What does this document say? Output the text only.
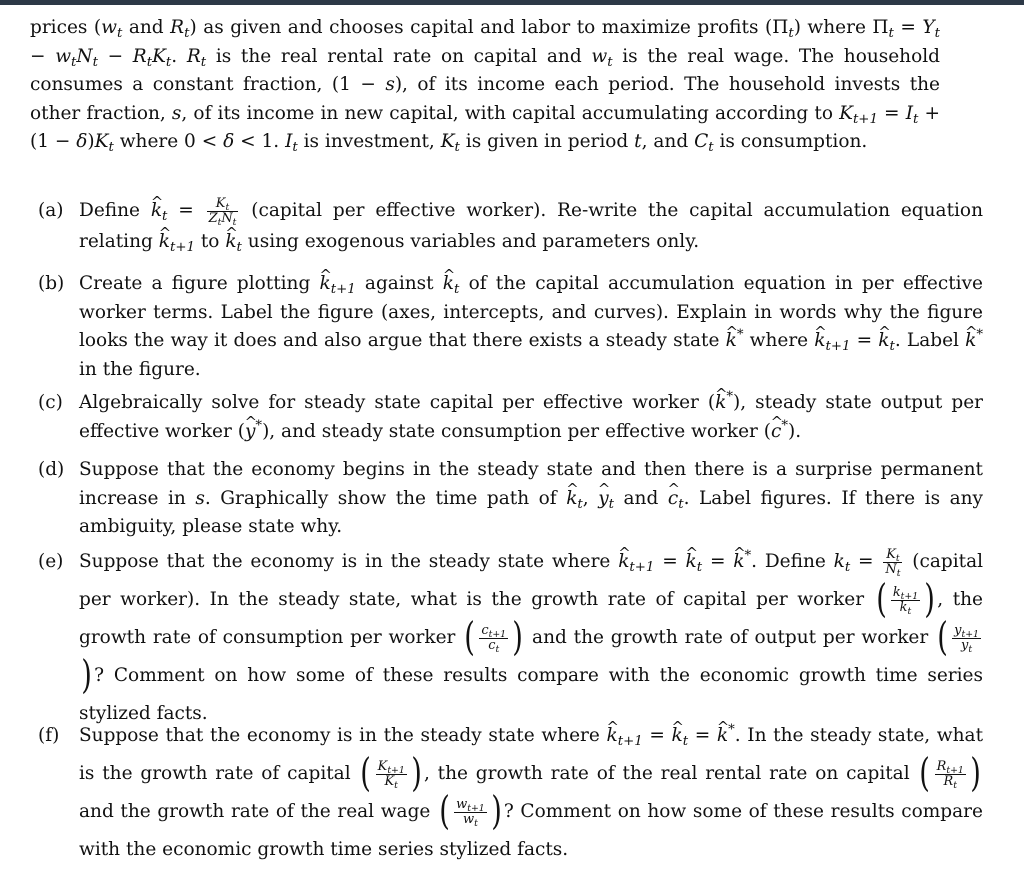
prices ($w_t$ and $R_t$) as given and chooses capital and labor to maximize profits $(\Pi_t)$ where $\Pi_t = Y_t - w_tN_t - R_tK_t$. $R_t$ is the real rental rate on capital and $w_t$ is the real wage. The household consumes a constant fraction, (1 − s), of its income each period. The household invests the other fraction, s, of its income in new capital, with capital accumulating according to $K_{t+1} = I_t + (1 - \delta)K_t$ where 0 < δ < 1. $I_t$ is investment, $K_t$ is given in period t, and $C_t$ is consumption.

(a) Define ^ $k_t = \frac{K_t}{Z_tN_t}$ (capital per effective worker). Re-write the capital accumulation equation relating ^ $k_{t+1}$ to ^ $k_t$ using exogenous variables and parameters only.
(b) Create a figure plotting ^ $k_{t+1}$ against ^ $k_t$ of the capital accumulation equation in per effective worker terms. Label the figure (axes, intercepts, and curves). Explain in words why the figure looks the way it does and also argue that there exists a steady state ^ k* where ^ $k_{t+1}$ = ^ $k_t$. Label ^ k* in the figure.
(c) Algebraically solve for steady state capital per effective worker (^ k*), steady state output per effective worker (^ y*), and steady state consumption per effective worker (^ c*).
(d) Suppose that the economy begins in the steady state and then there is a surprise permanent increase in s. Graphically show the time path of ^ $k_t$, ^ $y_t$ and ^ $c_t$. Label figures. If there is any ambiguity, please state why.
(e) Suppose that the economy is in the steady state where ^ $k_{t+1}$ = ^ $k_t$ = ^ k*. Define $k_t = \frac{K_t}{N_t}$ (capital per worker). In the steady state, what is the growth rate of capital per worker ( $\frac{k_{t+1}}{k_t}$ ) , the growth rate of consumption per worker ( $\frac{c_{t+1}}{c_t}$ ) and the growth rate of output per worker ( $\frac{y_{t+1}}{y_t}$
) ? Comment on how some of these results compare with the economic growth time series stylized facts.
(f) Suppose that the economy is in the steady state where ^ $k_{t+1}$ = ^ $k_t$ = ^ k*. In the steady state, what is the growth rate of capital ( $\frac{K_{t+1}}{K_t}$ ) , the growth rate of the real rental rate on capital ( $\frac{R_{t+1}}{R_t}$ ) and the growth rate of the real wage ( $\frac{w_{t+1}}{w_t}$ ) ? Comment on how some of these results compare with the economic growth time series stylized facts.
